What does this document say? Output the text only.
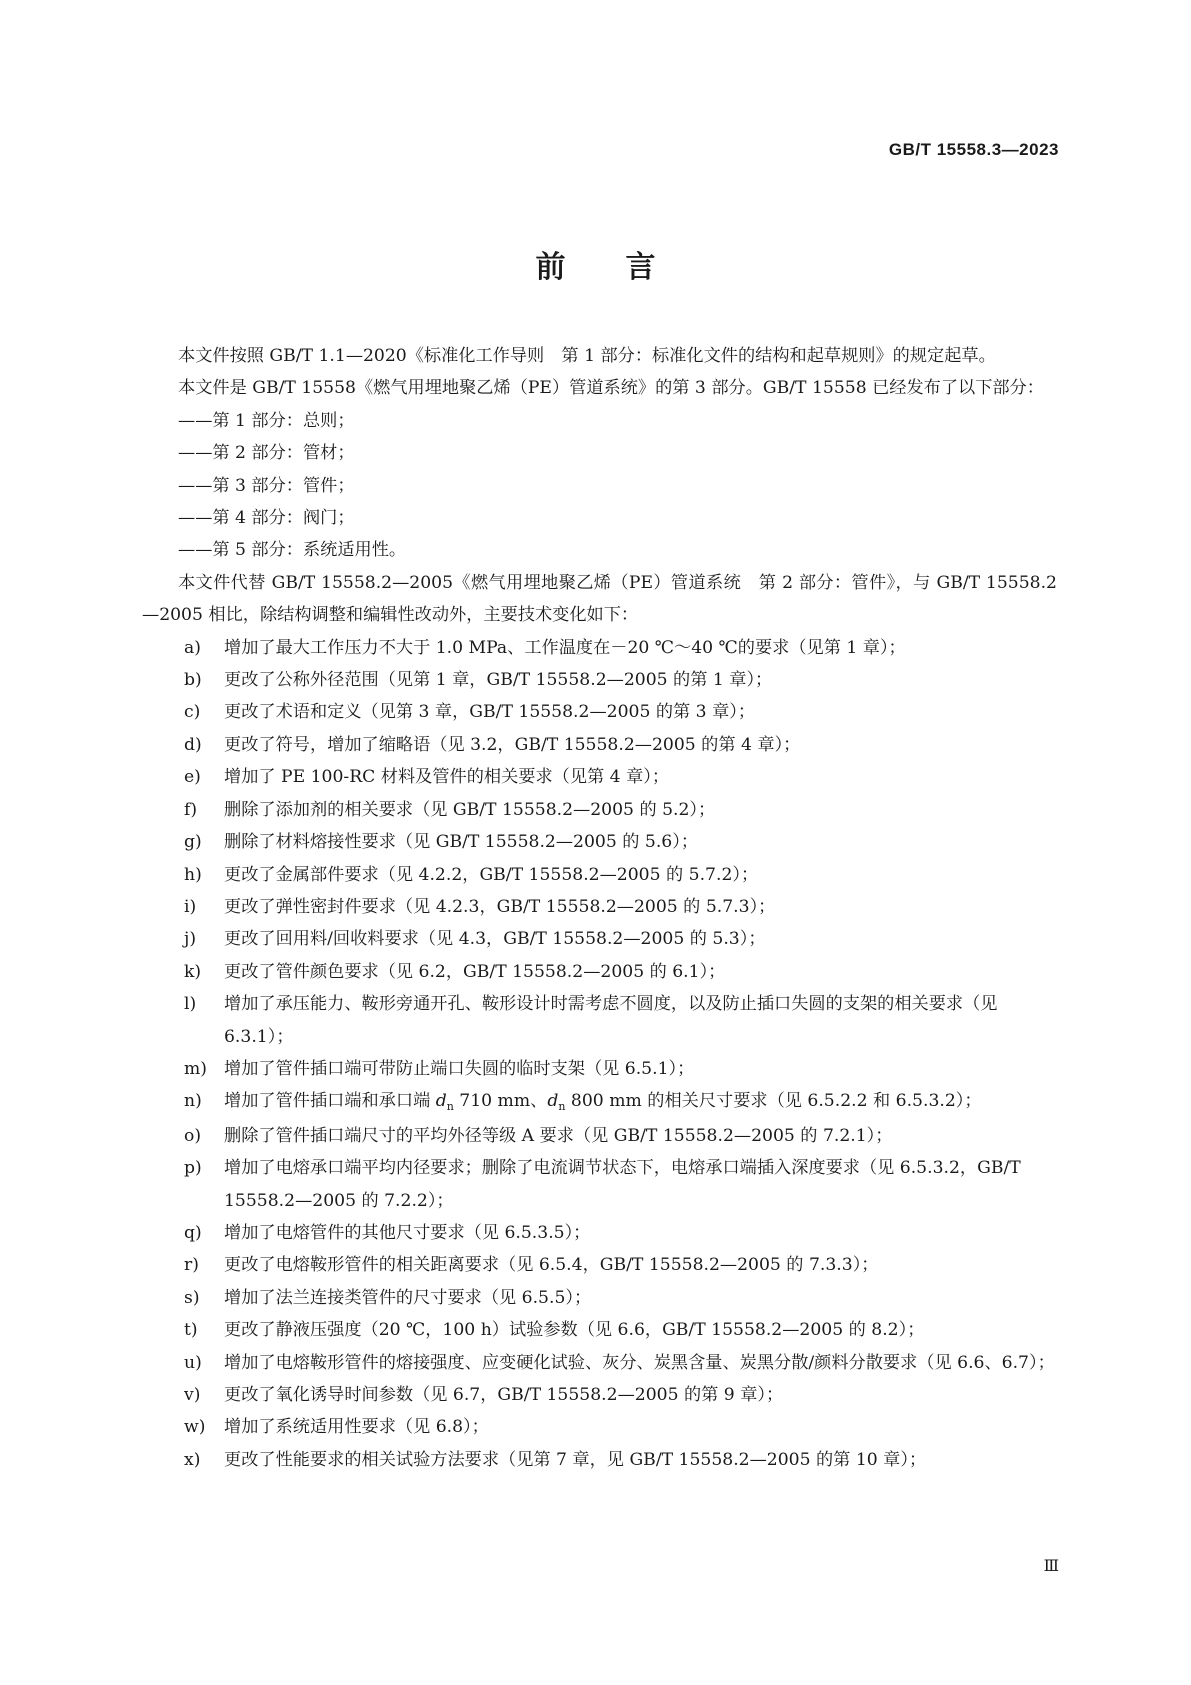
GB/T 15558.3—2023
前言

本文件按照 GB/T 1.1—2020《标准化工作导则　第 1 部分：标准化文件的结构和起草规则》的规定起草。

本文件是 GB/T 15558《燃气用埋地聚乙烯（PE）管道系统》的第 3 部分。GB/T 15558 已经发布了以下部分：

——第 1 部分：总则；

——第 2 部分：管材；

——第 3 部分：管件；

——第 4 部分：阀门；

——第 5 部分：系统适用性。

本文件代替 GB/T 15558.2—2005《燃气用埋地聚乙烯（PE）管道系统　第 2 部分：管件》，与 GB/T 15558.2—2005 相比，除结构调整和编辑性改动外，主要技术变化如下：

a)	增加了最大工作压力不大于 1.0 MPa、工作温度在－20 ℃～40 ℃的要求（见第 1 章）；
b)	更改了公称外径范围（见第 1 章，GB/T 15558.2—2005 的第 1 章）；
c)	更改了术语和定义（见第 3 章，GB/T 15558.2—2005 的第 3 章）；
d)	更改了符号，增加了缩略语（见 3.2，GB/T 15558.2—2005 的第 4 章）；
e)	增加了 PE 100-RC 材料及管件的相关要求（见第 4 章）；
f)	删除了添加剂的相关要求（见 GB/T 15558.2—2005 的 5.2）；
g)	删除了材料熔接性要求（见 GB/T 15558.2—2005 的 5.6）；
h)	更改了金属部件要求（见 4.2.2，GB/T 15558.2—2005 的 5.7.2）；
i)	更改了弹性密封件要求（见 4.2.3，GB/T 15558.2—2005 的 5.7.3）；
j)	更改了回用料/回收料要求（见 4.3，GB/T 15558.2—2005 的 5.3）；
k)	更改了管件颜色要求（见 6.2，GB/T 15558.2—2005 的 6.1）；
l)	增加了承压能力、鞍形旁通开孔、鞍形设计时需考虑不圆度，以及防止插口失圆的支架的相关要求（见 6.3.1）；
m) 增加了管件插口端可带防止端口失圆的临时支架（见 6.5.1）；
n)	增加了管件插口端和承口端 $d_n$ 710 mm、$d_n$ 800 mm 的相关尺寸要求（见 6.5.2.2 和 6.5.3.2）；
o)	删除了管件插口端尺寸的平均外径等级 A 要求（见 GB/T 15558.2—2005 的 7.2.1）；
p)	增加了电熔承口端平均内径要求；删除了电流调节状态下，电熔承口端插入深度要求（见 6.5.3.2，GB/T 15558.2—2005 的 7.2.2）；
q)	增加了电熔管件的其他尺寸要求（见 6.5.3.5）；
r)	更改了电熔鞍形管件的相关距离要求（见 6.5.4，GB/T 15558.2—2005 的 7.3.3）；
s)	增加了法兰连接类管件的尺寸要求（见 6.5.5）；
t)	更改了静液压强度（20 ℃，100 h）试验参数（见 6.6，GB/T 15558.2—2005 的 8.2）；
u)	增加了电熔鞍形管件的熔接强度、应变硬化试验、灰分、炭黑含量、炭黑分散/颜料分散要求（见 6.6、6.7）；
v)	更改了氧化诱导时间参数（见 6.7，GB/T 15558.2—2005 的第 9 章）；
w)	增加了系统适用性要求（见 6.8）；
x)	更改了性能要求的相关试验方法要求（见第 7 章，见 GB/T 15558.2—2005 的第 10 章）；
Ⅲ
